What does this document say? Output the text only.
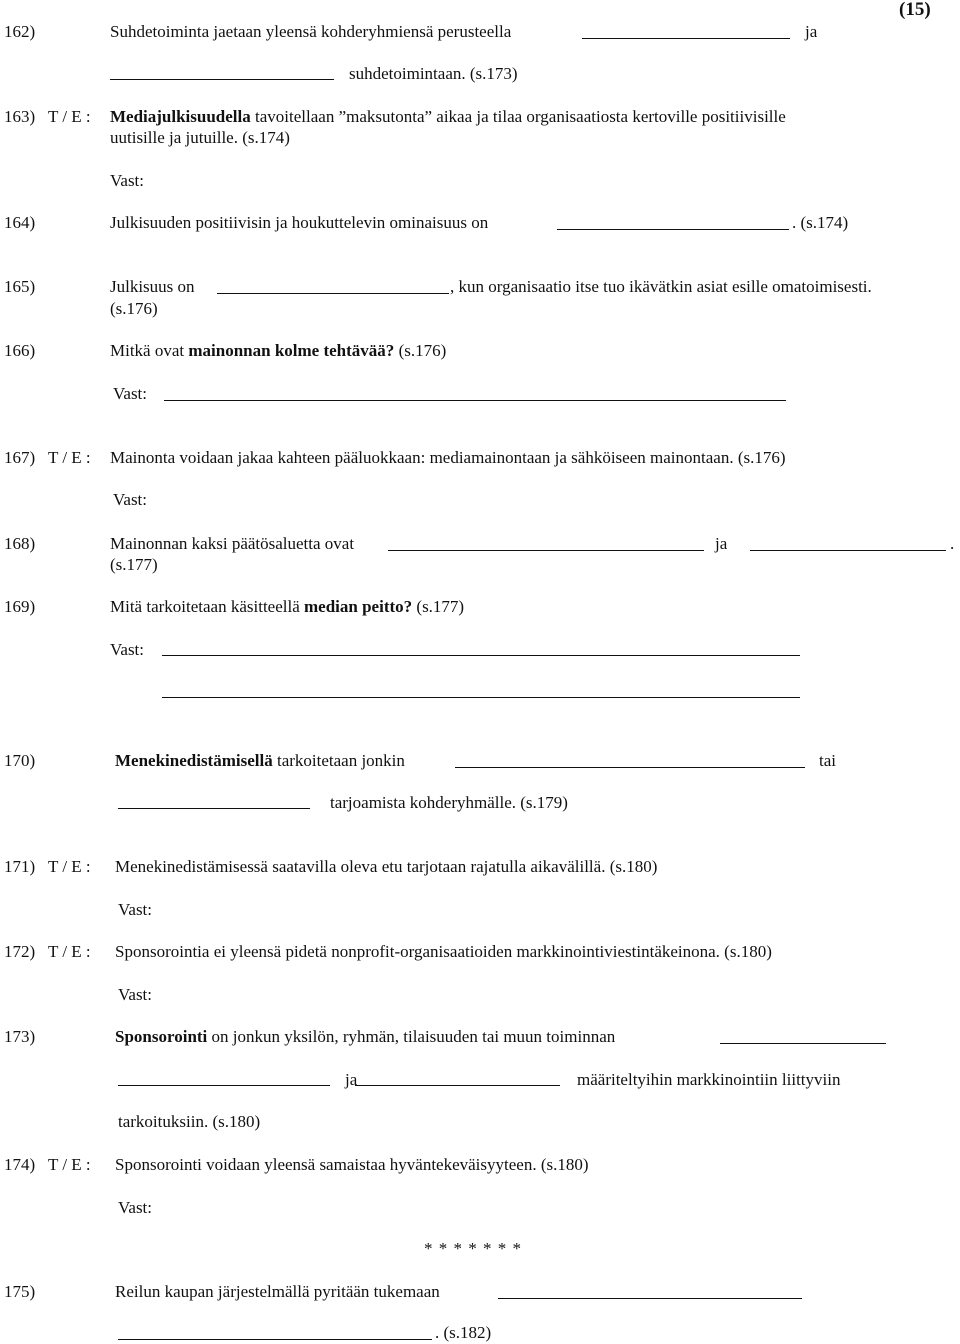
(15)
162)	Suhdetoiminta jaetaan yleensä kohderyhmiensä perusteella	ja
suhdetoimintaan. (s.173)
163) T / E : Mediajulkisuudella tavoitellaan ”maksutonta” aikaa ja tilaa organisaatiosta kertoville positiivisille
uutisille ja jutuille. (s.174)
Vast:
164)	Julkisuuden positiivisin ja houkuttelevin ominaisuus on	. (s.174)
165)	Julkisuus on	, kun organisaatio itse tuo ikävätkin asiat esille omatoimisesti.
(s.176)
166)	Mitkä ovat mainonnan kolme tehtävää? (s.176)
Vast:
167) T / E : Mainonta voidaan jakaa kahteen pääluokkaan: mediamainontaan ja sähköiseen mainontaan. (s.176)
Vast:
168)	Mainonnan kaksi päätösaluetta ovat	ja	.
(s.177)
169)	Mitä tarkoitetaan käsitteellä median peitto? (s.177)
Vast:
170)	Menekinedistämisellä tarkoitetaan jonkin	tai
tarjoamista kohderyhmälle. (s.179)
171) T / E : Menekinedistämisessä saatavilla oleva etu tarjotaan rajatulla aikavälillä. (s.180)
Vast:
172) T / E : Sponsorointia ei yleensä pidetä nonprofit-organisaatioiden markkinointiviestintäkeinona. (s.180)
Vast:
173)	Sponsorointi on jonkun yksilön, ryhmän, tilaisuuden tai muun toiminnan
ja	määriteltyihin markkinointiin liittyviin
tarkoituksiin. (s.180)
174) T / E : Sponsorointi voidaan yleensä samaistaa hyväntekeväisyyteen. (s.180)
Vast:
* * * * * * *
175)	Reilun kaupan järjestelmällä pyritään tukemaan
. (s.182)
